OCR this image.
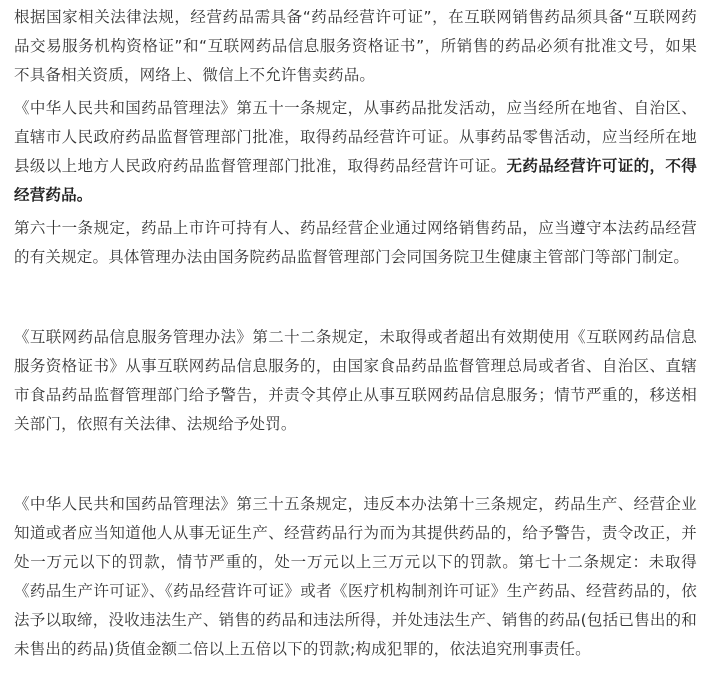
根据国家相关法律法规，经营药品需具备“药品经营许可证”，在互联网销售药品须具备“互联网药品交易服务机构资格证”和“互联网药品信息服务资格证书”，所销售的药品必须有批准文号，如果不具备相关资质，网络上、微信上不允许售卖药品。

《中华人民共和国药品管理法》第五十一条规定，从事药品批发活动，应当经所在地省、自治区、直辖市人民政府药品监督管理部门批准，取得药品经营许可证。从事药品零售活动，应当经所在地县级以上地方人民政府药品监督管理部门批准，取得药品经营许可证。无药品经营许可证的，不得经营药品。

第六十一条规定，药品上市许可持有人、药品经营企业通过网络销售药品，应当遵守本法药品经营的有关规定。具体管理办法由国务院药品监督管理部门会同国务院卫生健康主管部门等部门制定。

《互联网药品信息服务管理办法》第二十二条规定，未取得或者超出有效期使用《互联网药品信息服务资格证书》从事互联网药品信息服务的，由国家食品药品监督管理总局或者省、自治区、直辖市食品药品监督管理部门给予警告，并责令其停止从事互联网药品信息服务；情节严重的，移送相关部门，依照有关法律、法规给予处罚。

《中华人民共和国药品管理法》第三十五条规定，违反本办法第十三条规定，药品生产、经营企业知道或者应当知道他人从事无证生产、经营药品行为而为其提供药品的，给予警告，责令改正，并处一万元以下的罚款，情节严重的，处一万元以上三万元以下的罚款。第七十二条规定：未取得《药品生产许可证》、《药品经营许可证》或者《医疗机构制剂许可证》生产药品、经营药品的，依法予以取缔，没收违法生产、销售的药品和违法所得，并处违法生产、销售的药品(包括已售出的和未售出的药品)货值金额二倍以上五倍以下的罚款;构成犯罪的，依法追究刑事责任。
